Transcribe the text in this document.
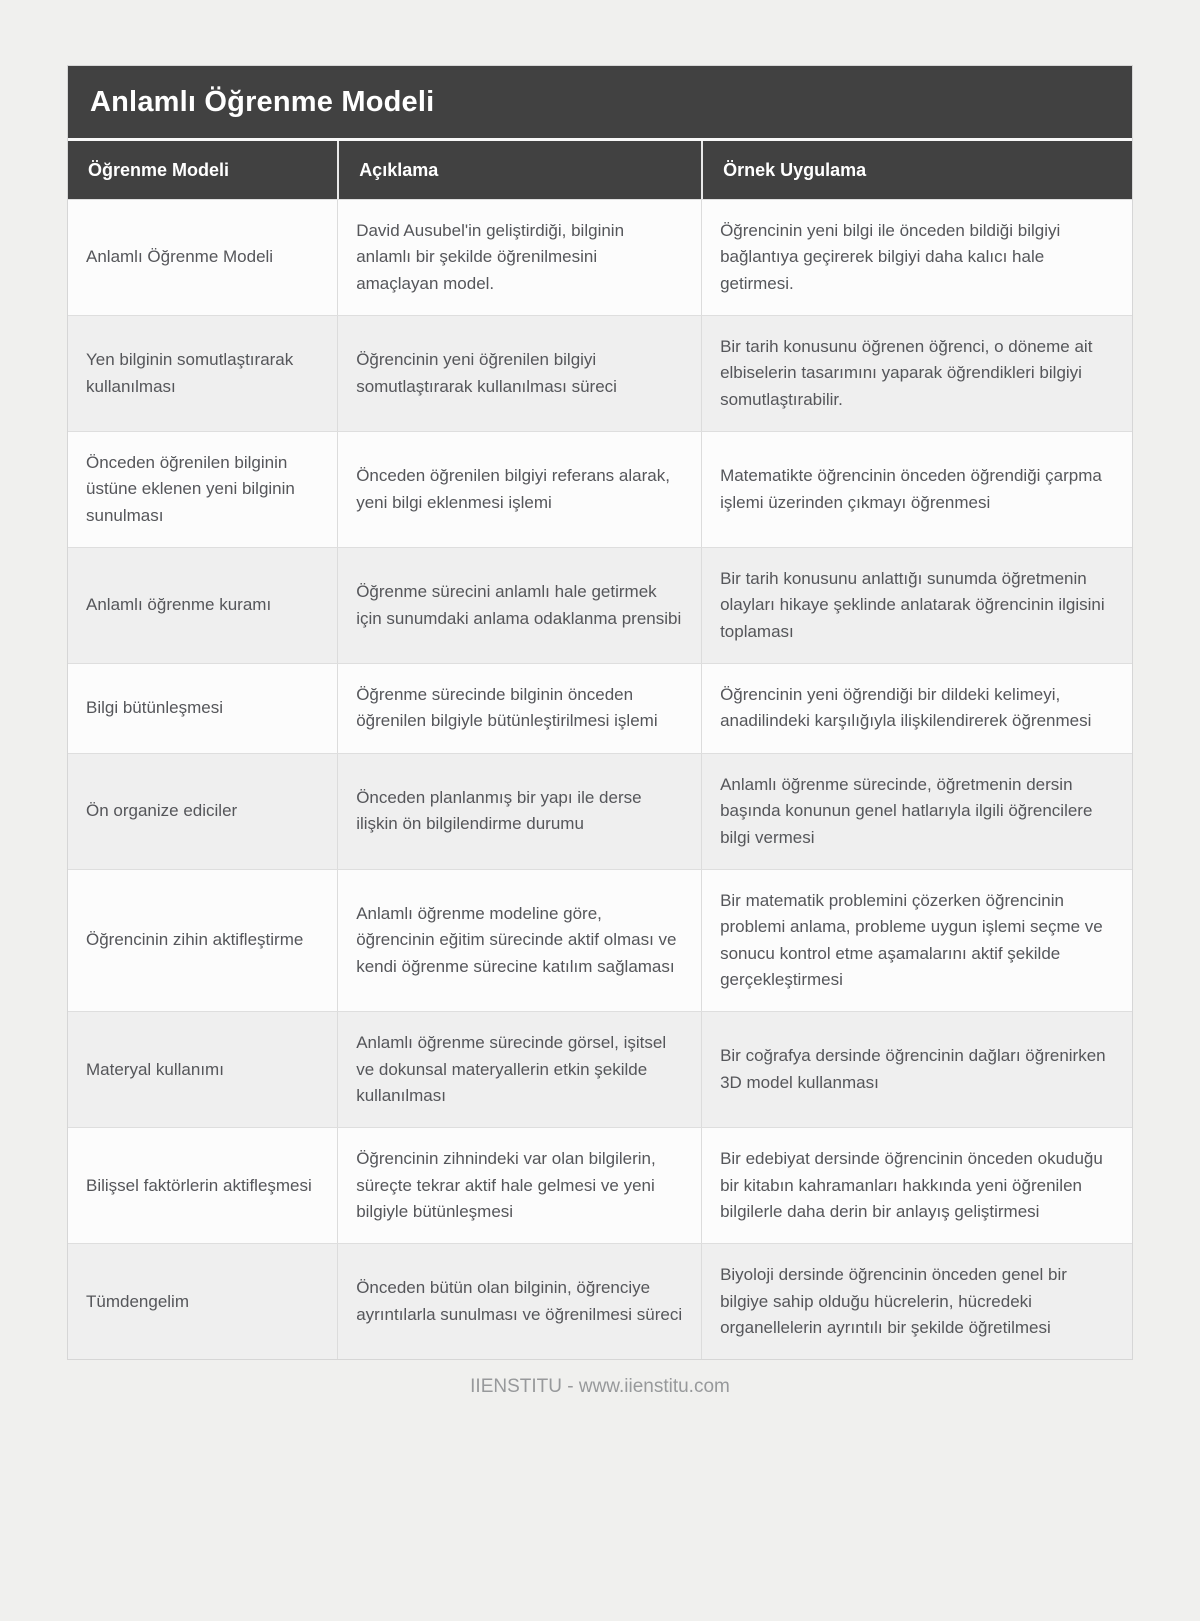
Anlamlı Öğrenme Modeli
Öğrenme Modeli	Açıklama	Örnek Uygulama
Anlamlı Öğrenme Modeli
David Ausubel'in geliştirdiği, bilginin anlamlı bir şekilde öğrenilmesini amaçlayan model.
Öğrencinin yeni bilgi ile önceden bildiği bilgiyi bağlantıya geçirerek bilgiyi daha kalıcı hale getirmesi.
Yen bilginin somutlaştırarak kullanılması
Öğrencinin yeni öğrenilen bilgiyi somutlaştırarak kullanılması süreci
Bir tarih konusunu öğrenen öğrenci, o döneme ait elbiselerin tasarımını yaparak öğrendikleri bilgiyi somutlaştırabilir.
Önceden öğrenilen bilginin üstüne eklenen yeni bilginin sunulması
Önceden öğrenilen bilgiyi referans alarak, yeni bilgi eklenmesi işlemi
Matematikte öğrencinin önceden öğrendiği çarpma işlemi üzerinden çıkmayı öğrenmesi
Anlamlı öğrenme kuramı
Öğrenme sürecini anlamlı hale getirmek için sunumdaki anlama odaklanma prensibi
Bir tarih konusunu anlattığı sunumda öğretmenin olayları hikaye şeklinde anlatarak öğrencinin ilgisini toplaması
Bilgi bütünleşmesi
Öğrenme sürecinde bilginin önceden öğrenilen bilgiyle bütünleştirilmesi işlemi
Öğrencinin yeni öğrendiği bir dildeki kelimeyi, anadilindeki karşılığıyla ilişkilendirerek öğrenmesi
Ön organize ediciler
Önceden planlanmış bir yapı ile derse ilişkin ön bilgilendirme durumu
Anlamlı öğrenme sürecinde, öğretmenin dersin başında konunun genel hatlarıyla ilgili öğrencilere bilgi vermesi
Öğrencinin zihin aktifleştirme
Anlamlı öğrenme modeline göre, öğrencinin eğitim sürecinde aktif olması ve kendi öğrenme sürecine katılım sağlaması
Bir matematik problemini çözerken öğrencinin problemi anlama, probleme uygun işlemi seçme ve sonucu kontrol etme aşamalarını aktif şekilde gerçekleştirmesi
Materyal kullanımı
Anlamlı öğrenme sürecinde görsel, işitsel ve dokunsal materyallerin etkin şekilde kullanılması
Bir coğrafya dersinde öğrencinin dağları öğrenirken 3D model kullanması
Bilişsel faktörlerin aktifleşmesi
Öğrencinin zihnindeki var olan bilgilerin, süreçte tekrar aktif hale gelmesi ve yeni bilgiyle bütünleşmesi
Bir edebiyat dersinde öğrencinin önceden okuduğu bir kitabın kahramanları hakkında yeni öğrenilen bilgilerle daha derin bir anlayış geliştirmesi
Tümdengelim
Önceden bütün olan bilginin, öğrenciye ayrıntılarla sunulması ve öğrenilmesi süreci
Biyoloji dersinde öğrencinin önceden genel bir bilgiye sahip olduğu hücrelerin, hücredeki organellelerin ayrıntılı bir şekilde öğretilmesi
IIENSTITU - www.iienstitu.com
